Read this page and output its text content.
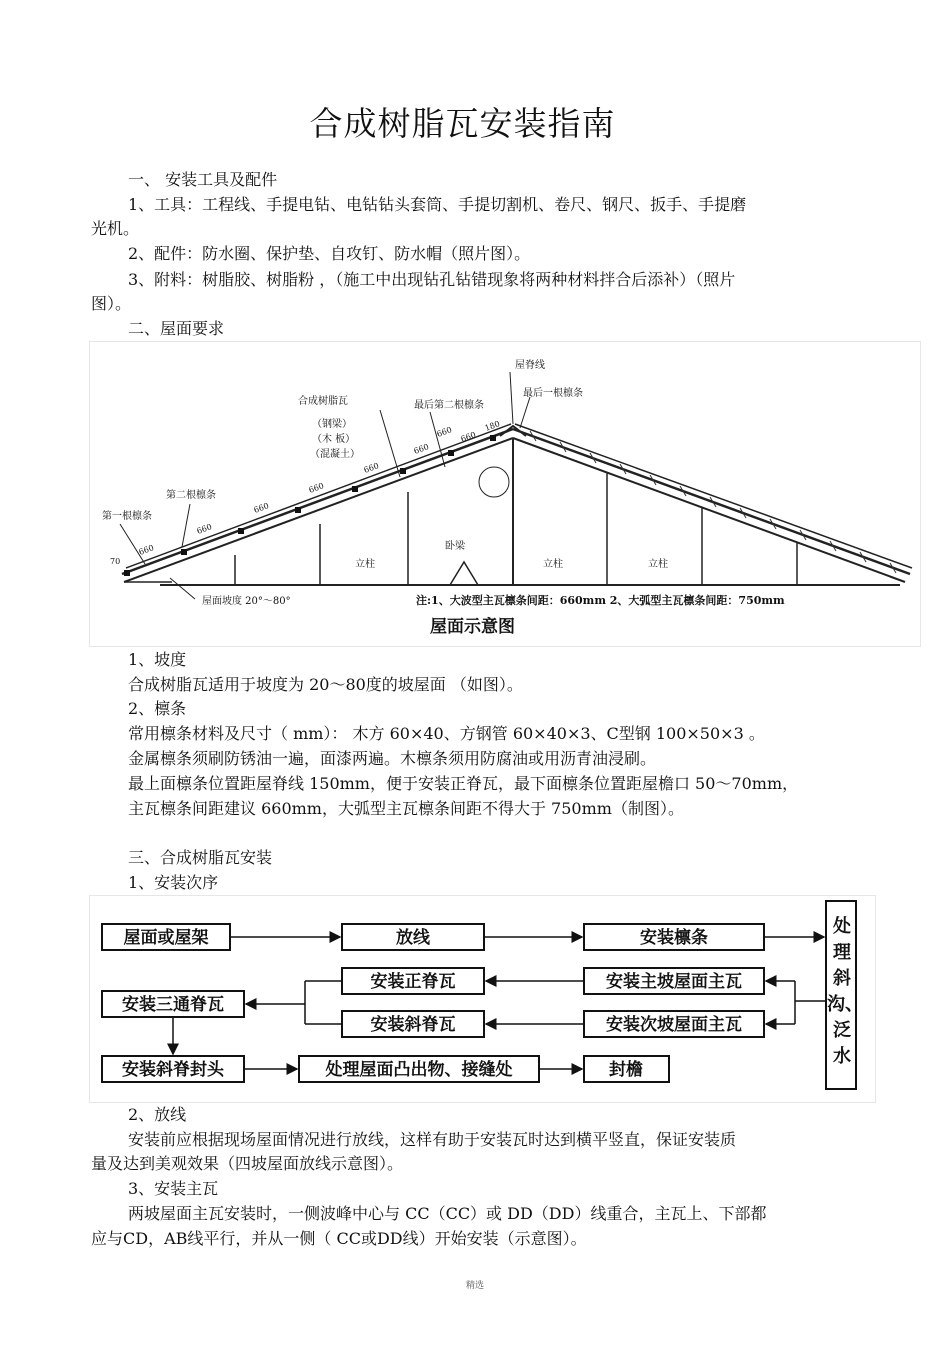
合成树脂瓦安装指南
一、 安装工具及配件
1、工具：工程线、手提电钻、电钻钻头套筒、手提切割机、卷尺、钢尺、扳手、手提磨
光机。
2、配件：防水圈、保护垫、自攻钉、防水帽（照片图）。
3、附料：树脂胶、树脂粉 ，（施工中出现钻孔钻错现象将两种材料拌合后添补）（照片
图）。
二、屋面要求
屋脊线
最后一根檩条
最后第二根檩条
合成树脂瓦
（钢梁）
（木 板）
（混凝土）
第一根檩条
第二根檩条
屋面坡度 20°～80°
立柱
卧梁
立柱	立柱
注:1、大波型主瓦檩条间距：660mm 2、大弧型主瓦檩条间距：750mm
屋面示意图
660
660
660
660
660
660
660 660
180
70
1、坡度
合成树脂瓦适用于坡度为 20～80度的坡屋面 （如图）。
2、檩条
常用檩条材料及尺寸（ mm）： 木方 60×40、方钢管 60×40×3、C型钢 100×50×3 。
金属檩条须刷防锈油一遍，面漆两遍。木檩条须用防腐油或用沥青油浸刷。
最上面檩条位置距屋脊线 150mm，便于安装正脊瓦，最下面檩条位置距屋檐口 50～70mm，
主瓦檩条间距建议 660mm，大弧型主瓦檩条间距不得大于 750mm（制图）。
三、合成树脂瓦安装
1、安装次序
屋面或屋架	放线	安装檩条
安装正脊瓦	安装主坡屋面主瓦
安装三通脊瓦
安装斜脊瓦	安装次坡屋面主瓦
安装斜脊封头	处理屋面凸出物、接缝处	封檐
处理斜沟、泛水
2、放线
安装前应根据现场屋面情况进行放线，这样有助于安装瓦时达到横平竖直，保证安装质
量及达到美观效果（四坡屋面放线示意图）。
3、安装主瓦
两坡屋面主瓦安装时，一侧波峰中心与 CC（CC）或 DD（DD）线重合，主瓦上、下部都
应与CD，AB线平行，并从一侧（ CC或DD线）开始安装（示意图）。
精选
